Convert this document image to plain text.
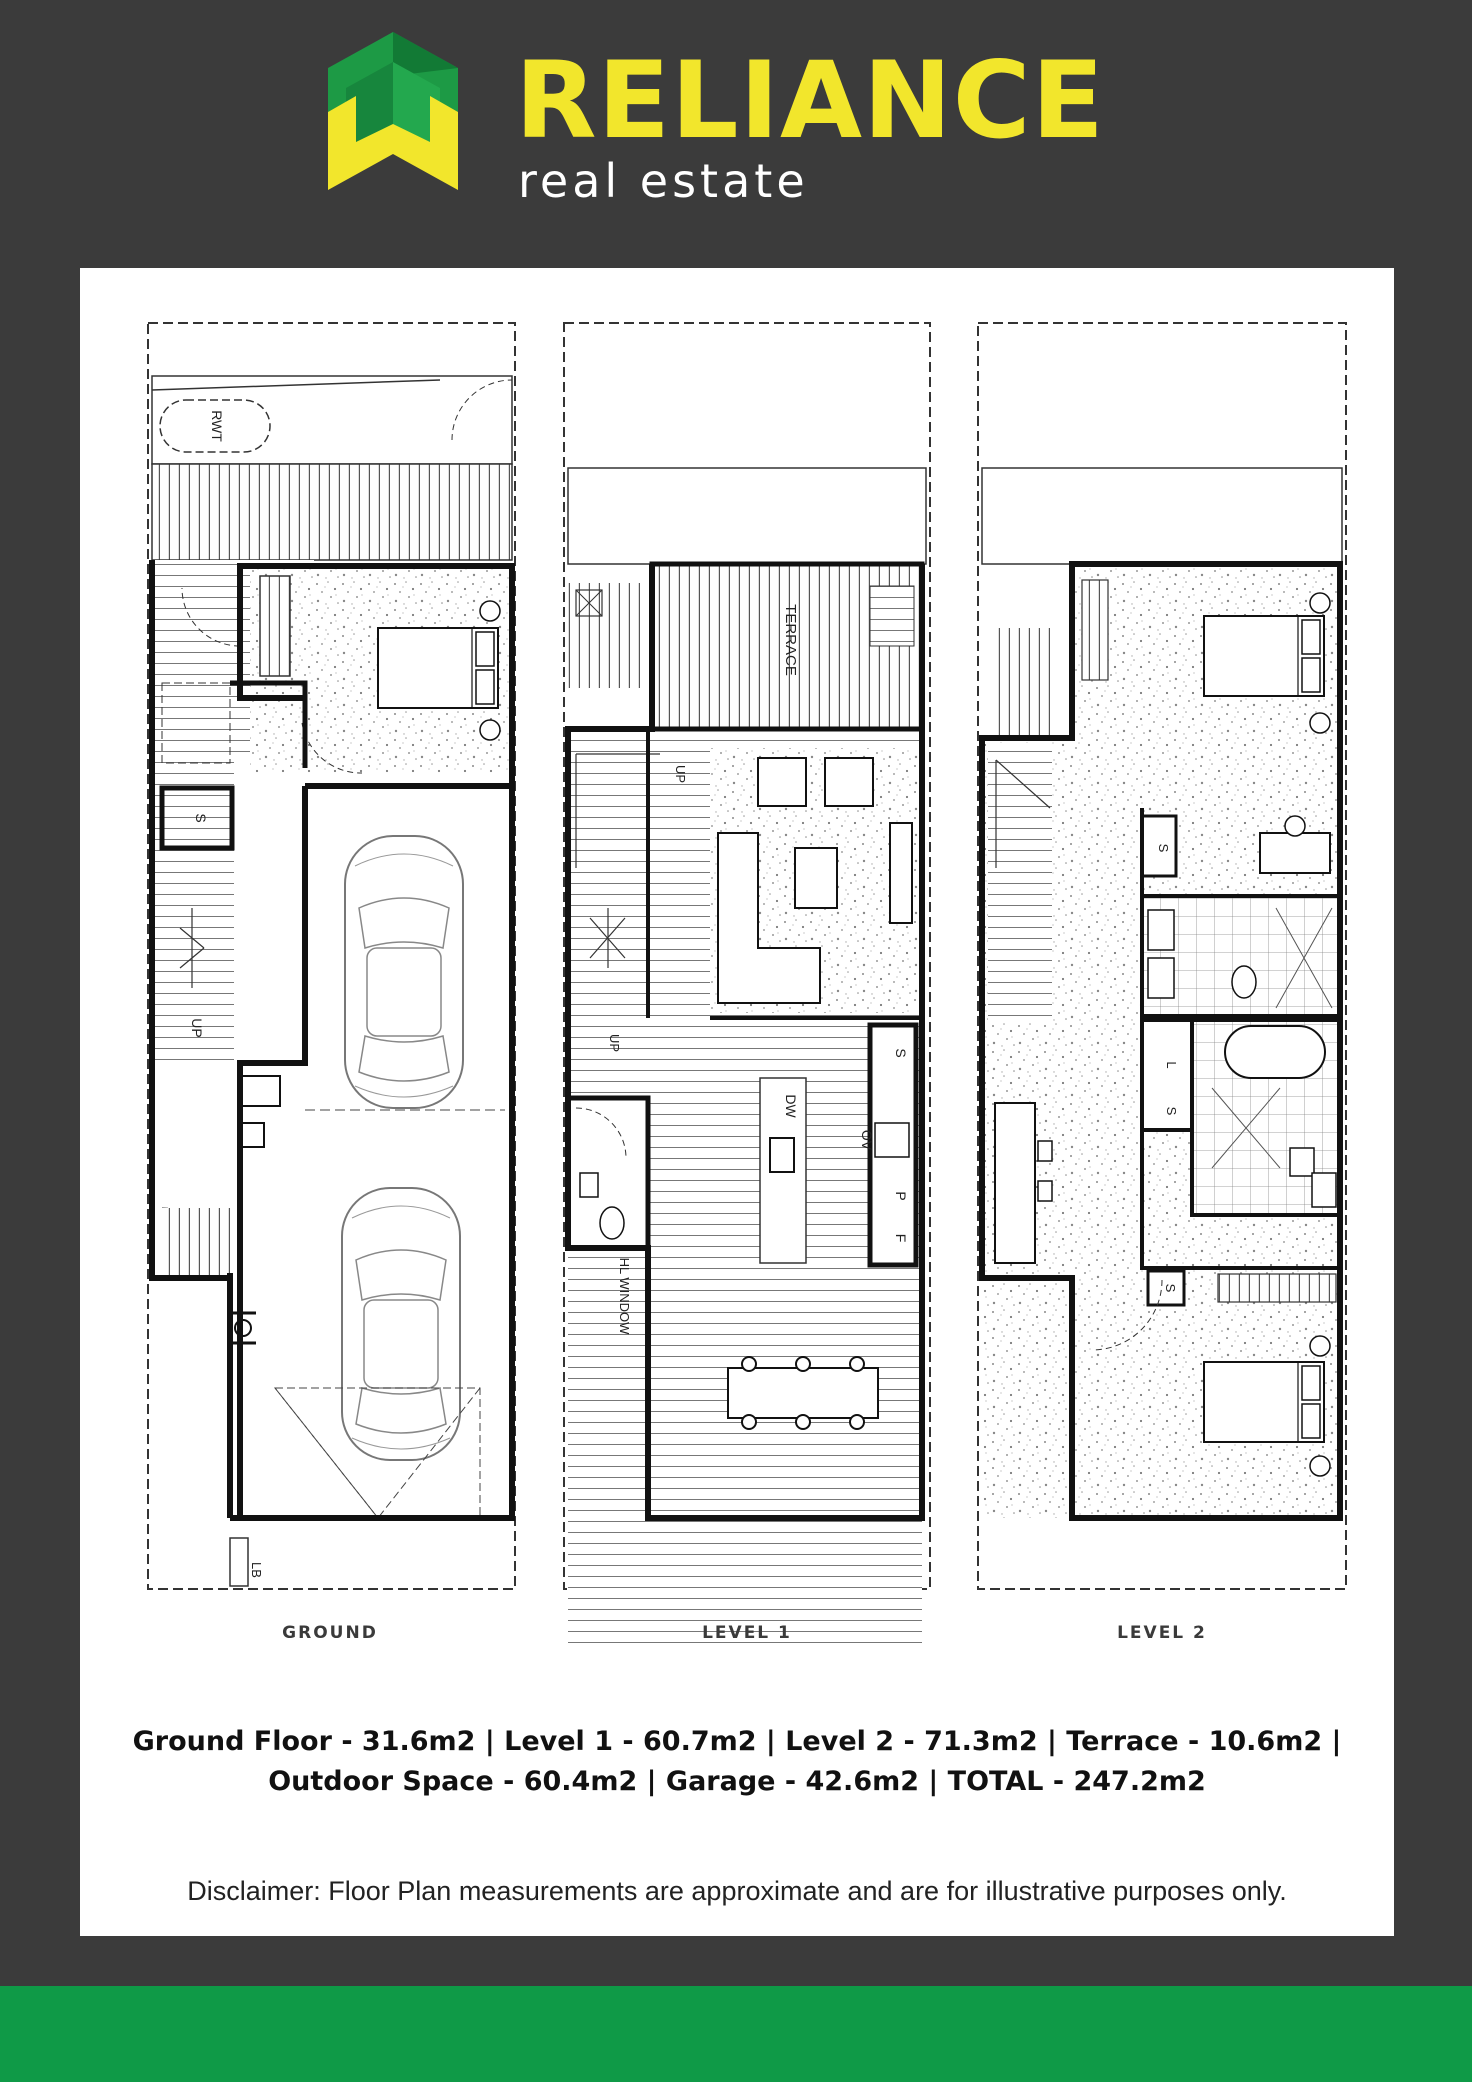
RELIANCE
real estate
RWT
S
UP
LB
TERRACE
UP
UP
HL WINDOW
DW
S
OV
P
F
S
L
S
S
GROUND	LEVEL 1	LEVEL 2
Ground Floor - 31.6m2 | Level 1 - 60.7m2 | Level 2 - 71.3m2 | Terrace - 10.6m2 |
Outdoor Space - 60.4m2 | Garage - 42.6m2 | TOTAL - 247.2m2
Disclaimer: Floor Plan measurements are approximate and are for illustrative purposes only.
